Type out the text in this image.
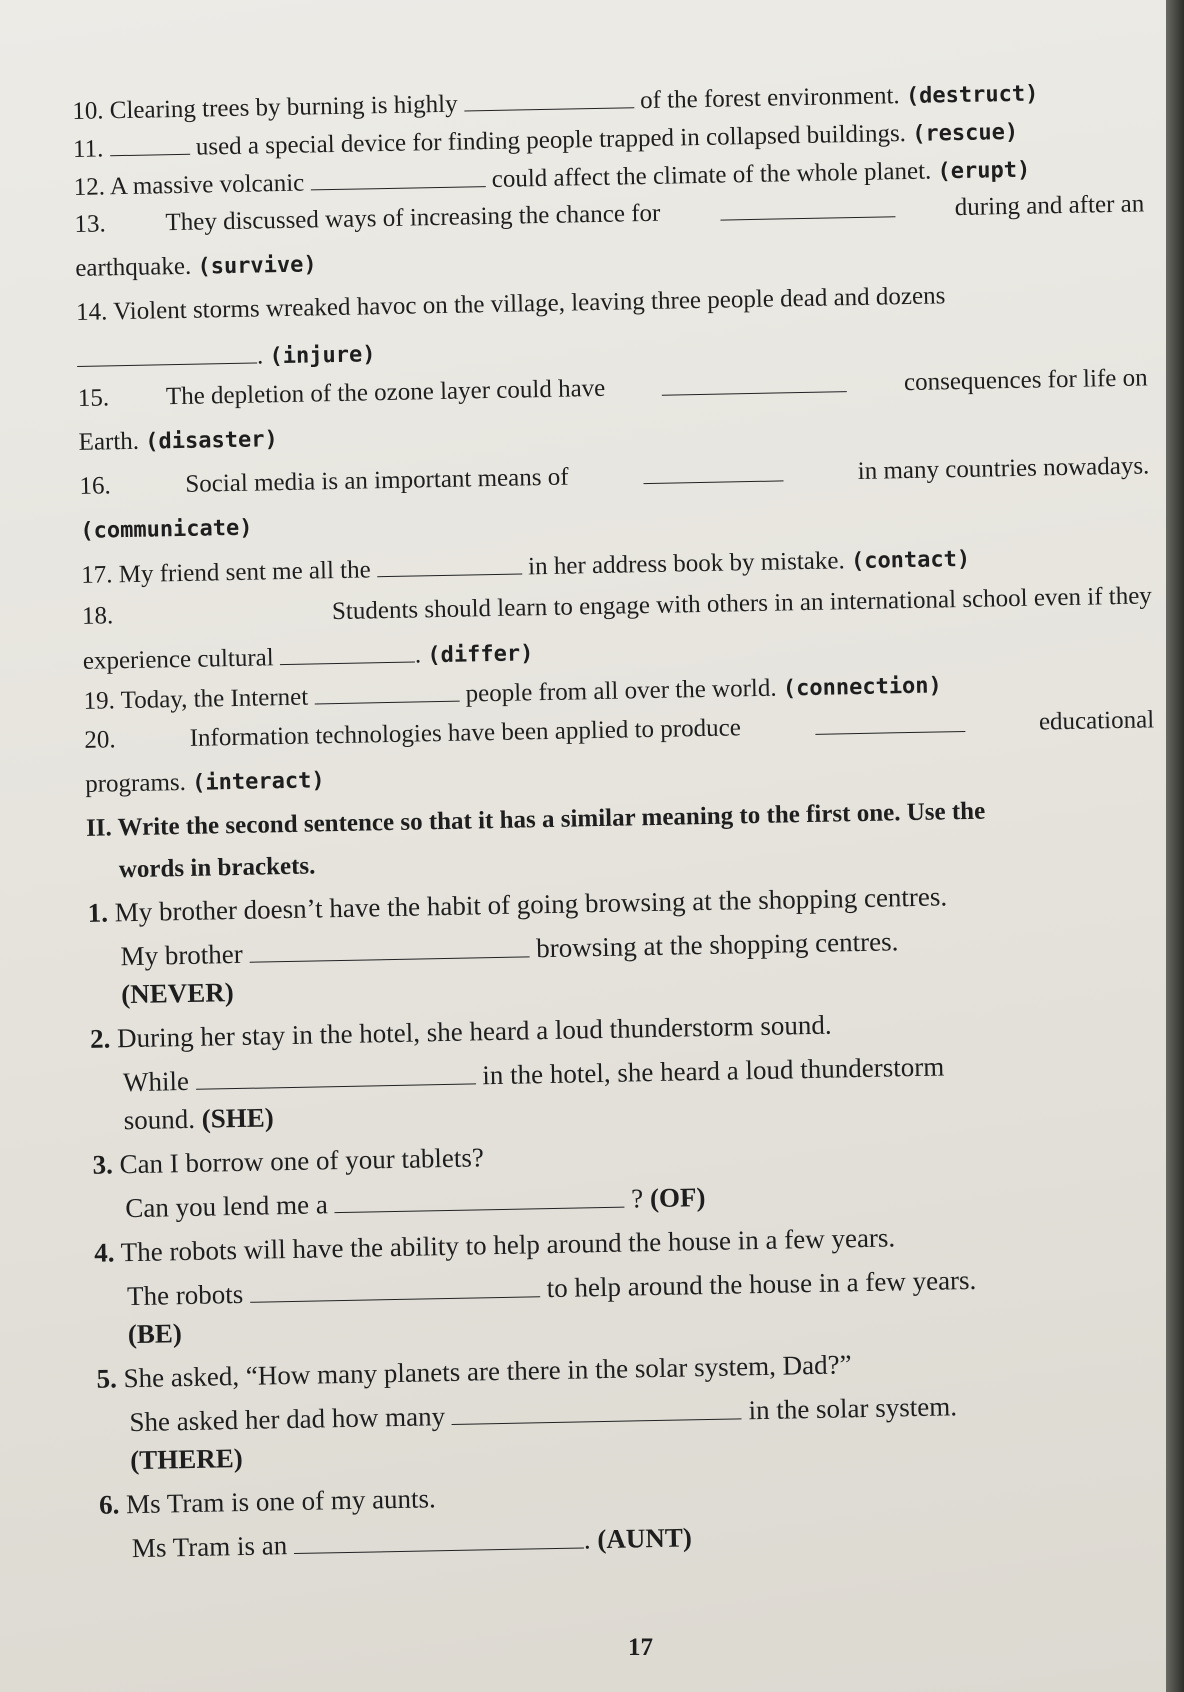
10. Clearing trees by burning is highly	of the forest environment. (destruct)
11.	used a special device for finding people trapped in collapsed buildings. (rescue)
12. A massive volcanic	could affect the climate of the whole planet. (erupt)
13. They discussed ways of increasing the chance for	during and after an
earthquake. (survive)
14. Violent storms wreaked havoc on the village, leaving three people dead and dozens
. (injure)
15. The depletion of the ozone layer could have	consequences for life on
Earth. (disaster)
16.	Social media is an important means of	in many countries nowadays.
(communicate)
17. My friend sent me all the	in her address book by mistake. (contact)
18.	Students should learn to engage with others in an international school even if they
experience cultural	. (differ)
19. Today, the Internet	people from all over the world. (connection)
20.	Information technologies have been applied to produce	educational
programs. (interact)
II. Write the second sentence so that it has a similar meaning to the first one. Use the
words in brackets.
1. My brother doesn’t have the habit of going browsing at the shopping centres.
My brother	browsing at the shopping centres.
(NEVER)
2. During her stay in the hotel, she heard a loud thunderstorm sound.
While	in the hotel, she heard a loud thunderstorm
sound. (SHE)
3. Can I borrow one of your tablets?
Can you lend me a	? (OF)
4. The robots will have the ability to help around the house in a few years.
The robots	to help around the house in a few years.
(BE)
5. She asked, “How many planets are there in the solar system, Dad?”
She asked her dad how many	in the solar system.
(THERE)
6. Ms Tram is one of my aunts.
Ms Tram is an	. (AUNT)
17
